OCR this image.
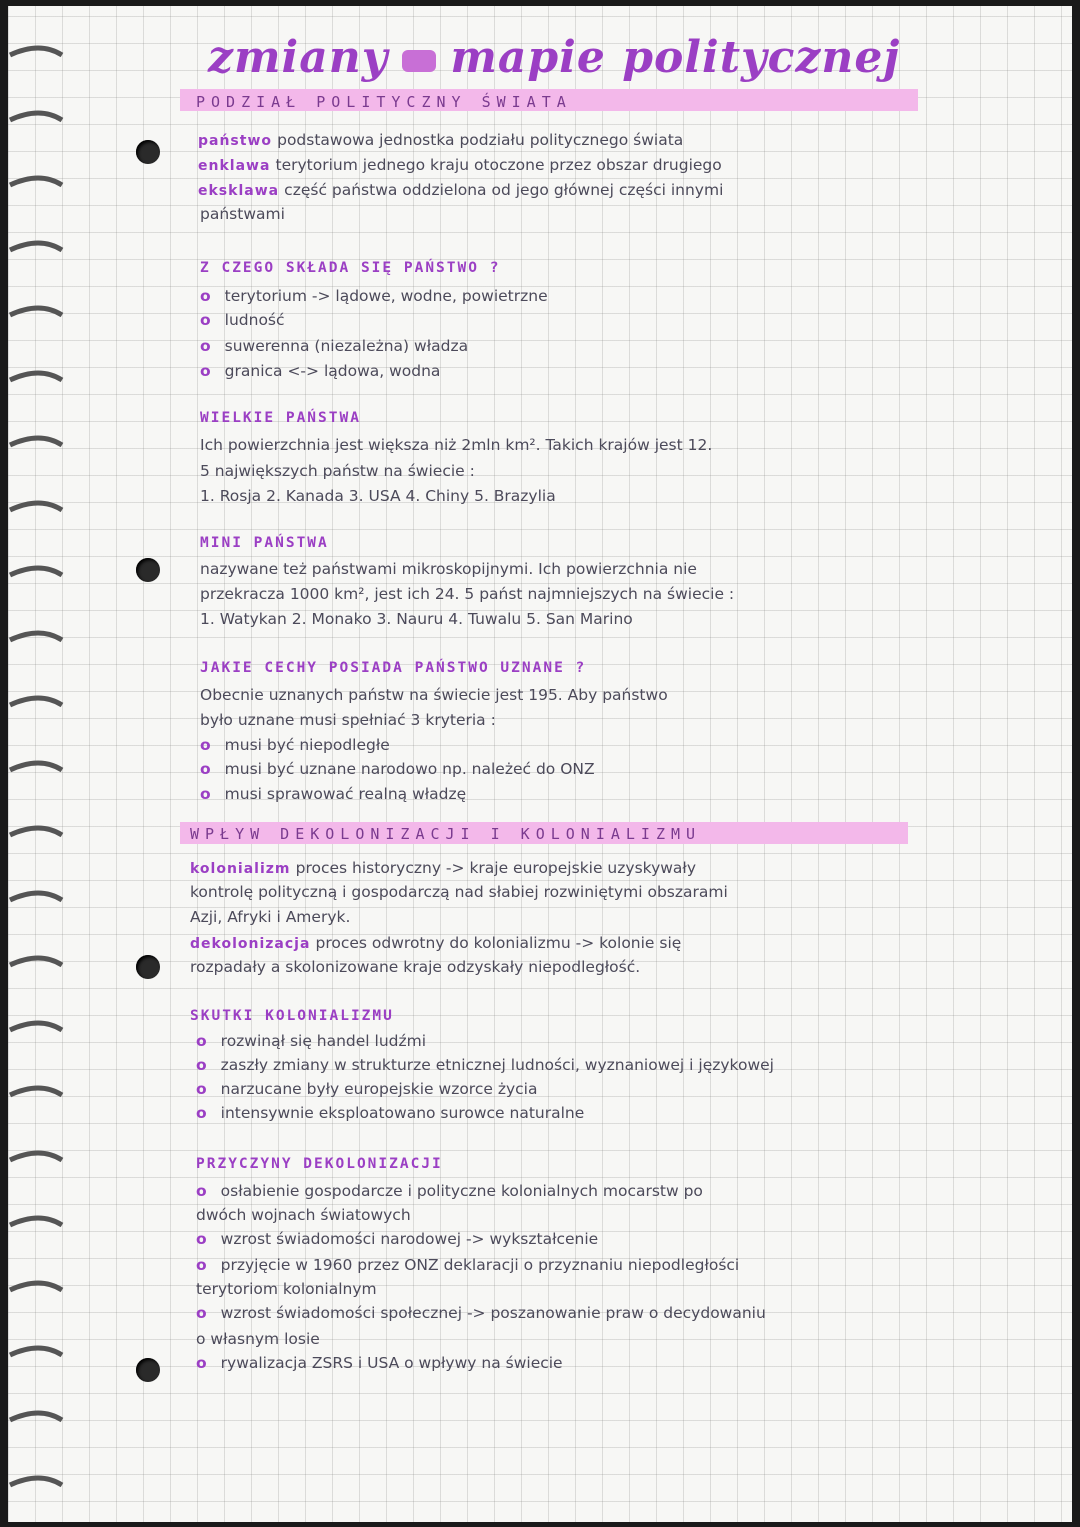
zmiany mapie politycznej
PODZIAŁ POLITYCZNY ŚWIATA
państwo podstawowa jednostka podziału politycznego świata
enklawa terytorium jednego kraju otoczone przez obszar drugiego
eksklawa część państwa oddzielona od jego głównej części innymi
państwami
Z CZEGO SKŁADA SIĘ PAŃSTWO ?
o terytorium -> lądowe, wodne, powietrzne
o ludność
o suwerenna (niezależna) władza
o granica <-> lądowa, wodna
WIELKIE PAŃSTWA
Ich powierzchnia jest większa niż 2mln km². Takich krajów jest 12.
5 największych państw na świecie :
1. Rosja 2. Kanada 3. USA 4. Chiny 5. Brazylia
MINI PAŃSTWA
nazywane też państwami mikroskopijnymi. Ich powierzchnia nie
przekracza 1000 km², jest ich 24. 5 państ najmniejszych na świecie :
1. Watykan 2. Monako 3. Nauru 4. Tuwalu 5. San Marino
JAKIE CECHY POSIADA PAŃSTWO UZNANE ?
Obecnie uznanych państw na świecie jest 195. Aby państwo
było uznane musi spełniać 3 kryteria :
o musi być niepodległe
o musi być uznane narodowo np. należeć do ONZ
o musi sprawować realną władzę
WPŁYW DEKOLONIZACJI I KOLONIALIZMU
kolonializm proces historyczny -> kraje europejskie uzyskywały
kontrolę polityczną i gospodarczą nad słabiej rozwiniętymi obszarami
Azji, Afryki i Ameryk.
dekolonizacja proces odwrotny do kolonializmu -> kolonie się
rozpadały a skolonizowane kraje odzyskały niepodległość.
SKUTKI KOLONIALIZMU
o rozwinął się handel ludźmi
o zaszły zmiany w strukturze etnicznej ludności, wyznaniowej i językowej
o narzucane były europejskie wzorce życia
o intensywnie eksploatowano surowce naturalne
PRZYCZYNY DEKOLONIZACJI
o osłabienie gospodarcze i polityczne kolonialnych mocarstw po
dwóch wojnach światowych
o wzrost świadomości narodowej -> wykształcenie
o przyjęcie w 1960 przez ONZ deklaracji o przyznaniu niepodległości
terytoriom kolonialnym
o wzrost świadomości społecznej -> poszanowanie praw o decydowaniu
o własnym losie
o rywalizacja ZSRS i USA o wpływy na świecie
